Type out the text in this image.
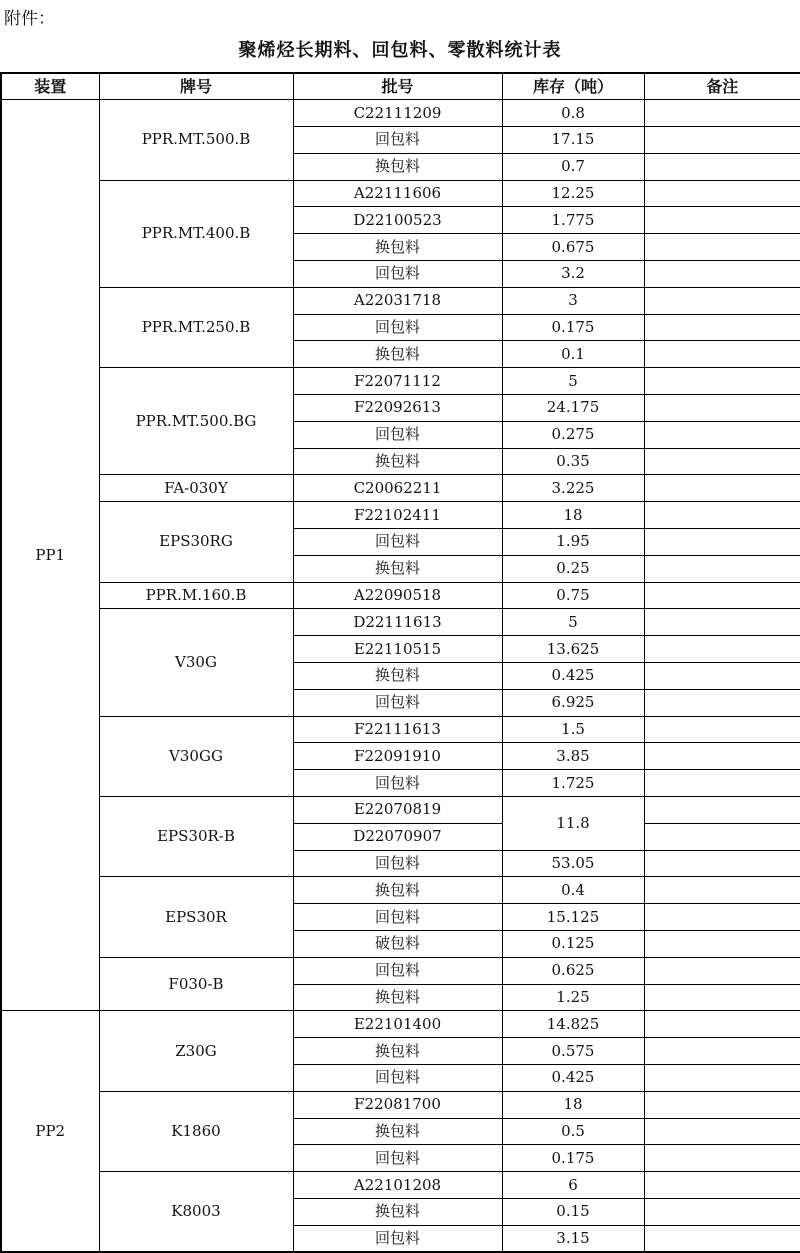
附件：
聚烯烃长期料、回包料、零散料统计表
装置	牌号	批号	库存（吨）	备注
PP1	PPR.MT.500.B	C22111209	0.8	
		回包料	17.15	
		换包料	0.7	
	PPR.MT.400.B	A22111606	12.25	
		D22100523	1.775	
		换包料	0.675	
		回包料	3.2	
	PPR.MT.250.B	A22031718	3	
		回包料	0.175	
		换包料	0.1	
	PPR.MT.500.BG	F22071112	5	
		F22092613	24.175	
		回包料	0.275	
		换包料	0.35	
	FA-030Y	C20062211	3.225	
	EPS30RG	F22102411	18	
		回包料	1.95	
		换包料	0.25	
	PPR.M.160.B	A22090518	0.75	
	V30G	D22111613	5	
		E22110515	13.625	
		换包料	0.425	
		回包料	6.925	
	V30GG	F22111613	1.5	
		F22091910	3.85	
		回包料	1.725	
	EPS30R-B	E22070819	11.8	
		D22070907		
		回包料	53.05	
	EPS30R	换包料	0.4	
		回包料	15.125	
		破包料	0.125	
	F030-B	回包料	0.625	
		换包料	1.25	
PP2	Z30G	E22101400	14.825	
		换包料	0.575	
		回包料	0.425	
	K1860	F22081700	18	
		换包料	0.5	
		回包料	0.175	
	K8003	A22101208	6	
		换包料	0.15	
		回包料	3.15	
